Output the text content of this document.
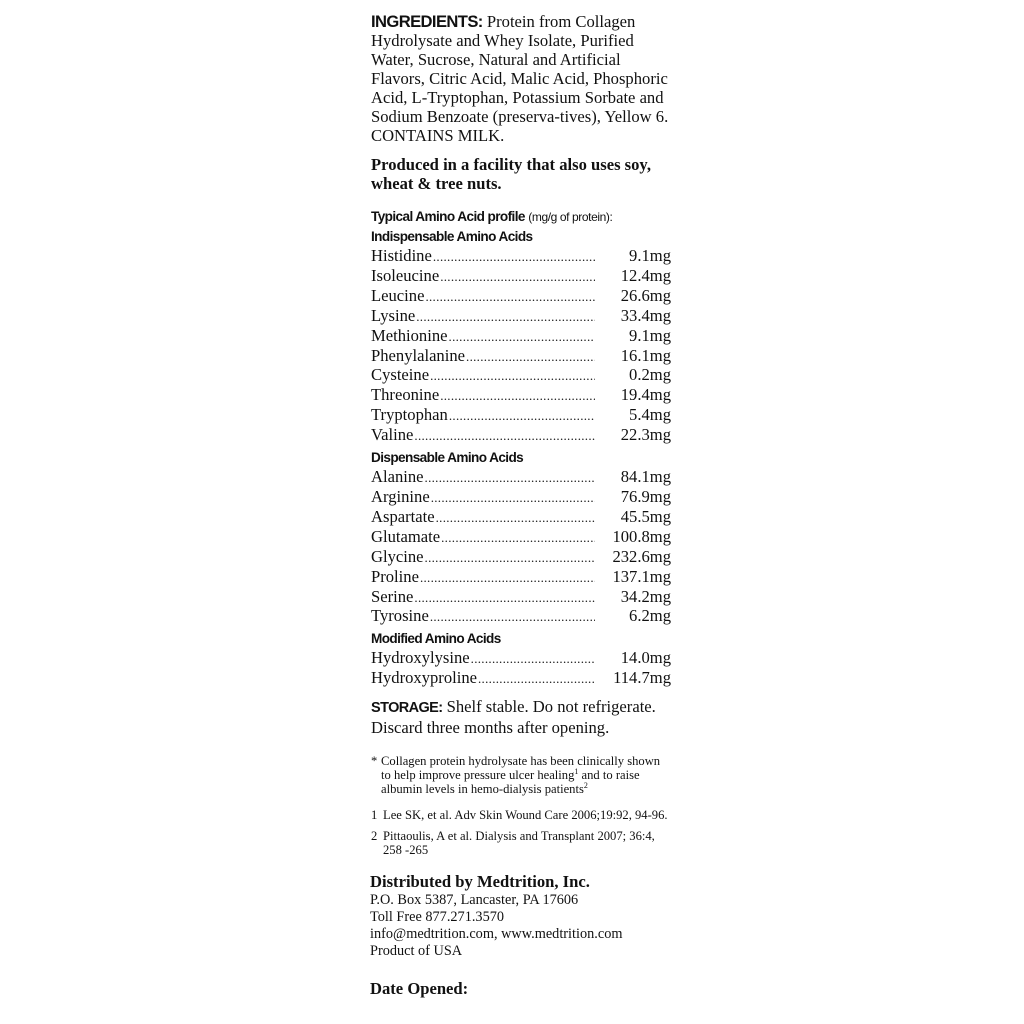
INGREDIENTS: Protein from Collagen Hydrolysate and Whey Isolate, Purified Water, Sucrose, Natural and Artificial Flavors, Citric Acid, Malic Acid, Phosphoric Acid, L-Tryptophan, Potassium Sorbate and Sodium Benzoate (preserva-tives), Yellow 6. CONTAINS MILK.

Produced in a facility that also uses soy, wheat & tree nuts.

Typical Amino Acid profile (mg/g of protein):
Indispensable Amino Acids
Histidine .....	9.1mg
Isoleucine .....	12.4mg
Leucine .....	26.6mg
Lysine .....	33.4mg
Methionine .....	9.1mg
Phenylalanine .....	16.1mg
Cysteine .....	0.2mg
Threonine .....	19.4mg
Tryptophan .....	5.4mg
Valine .....	22.3mg
Dispensable Amino Acids
Alanine .....	84.1mg
Arginine .....	76.9mg
Aspartate .....	45.5mg
Glutamate .....	100.8mg
Glycine .....	232.6mg
Proline .....	137.1mg
Serine .....	34.2mg
Tyrosine .....	6.2mg
Modified Amino Acids
Hydroxylysine .....	14.0mg
Hydroxyproline .....	114.7mg

STORAGE: Shelf stable. Do not refrigerate. Discard three months after opening.

* Collagen protein hydrolysate has been clinically shown to help improve pressure ulcer healing$^1$ and to raise albumin levels in hemo-dialysis patients$^2$
1 Lee SK, et al. Adv Skin Wound Care 2006;19:92, 94-96.
2 Pittaoulis, A et al. Dialysis and Transplant 2007; 36:4, 258 -265
Distributed by Medtrition, Inc.
P.O. Box 5387, Lancaster, PA 17606
Toll Free 877.271.3570
info@medtrition.com, www.medtrition.com
Product of USA
Date Opened:
